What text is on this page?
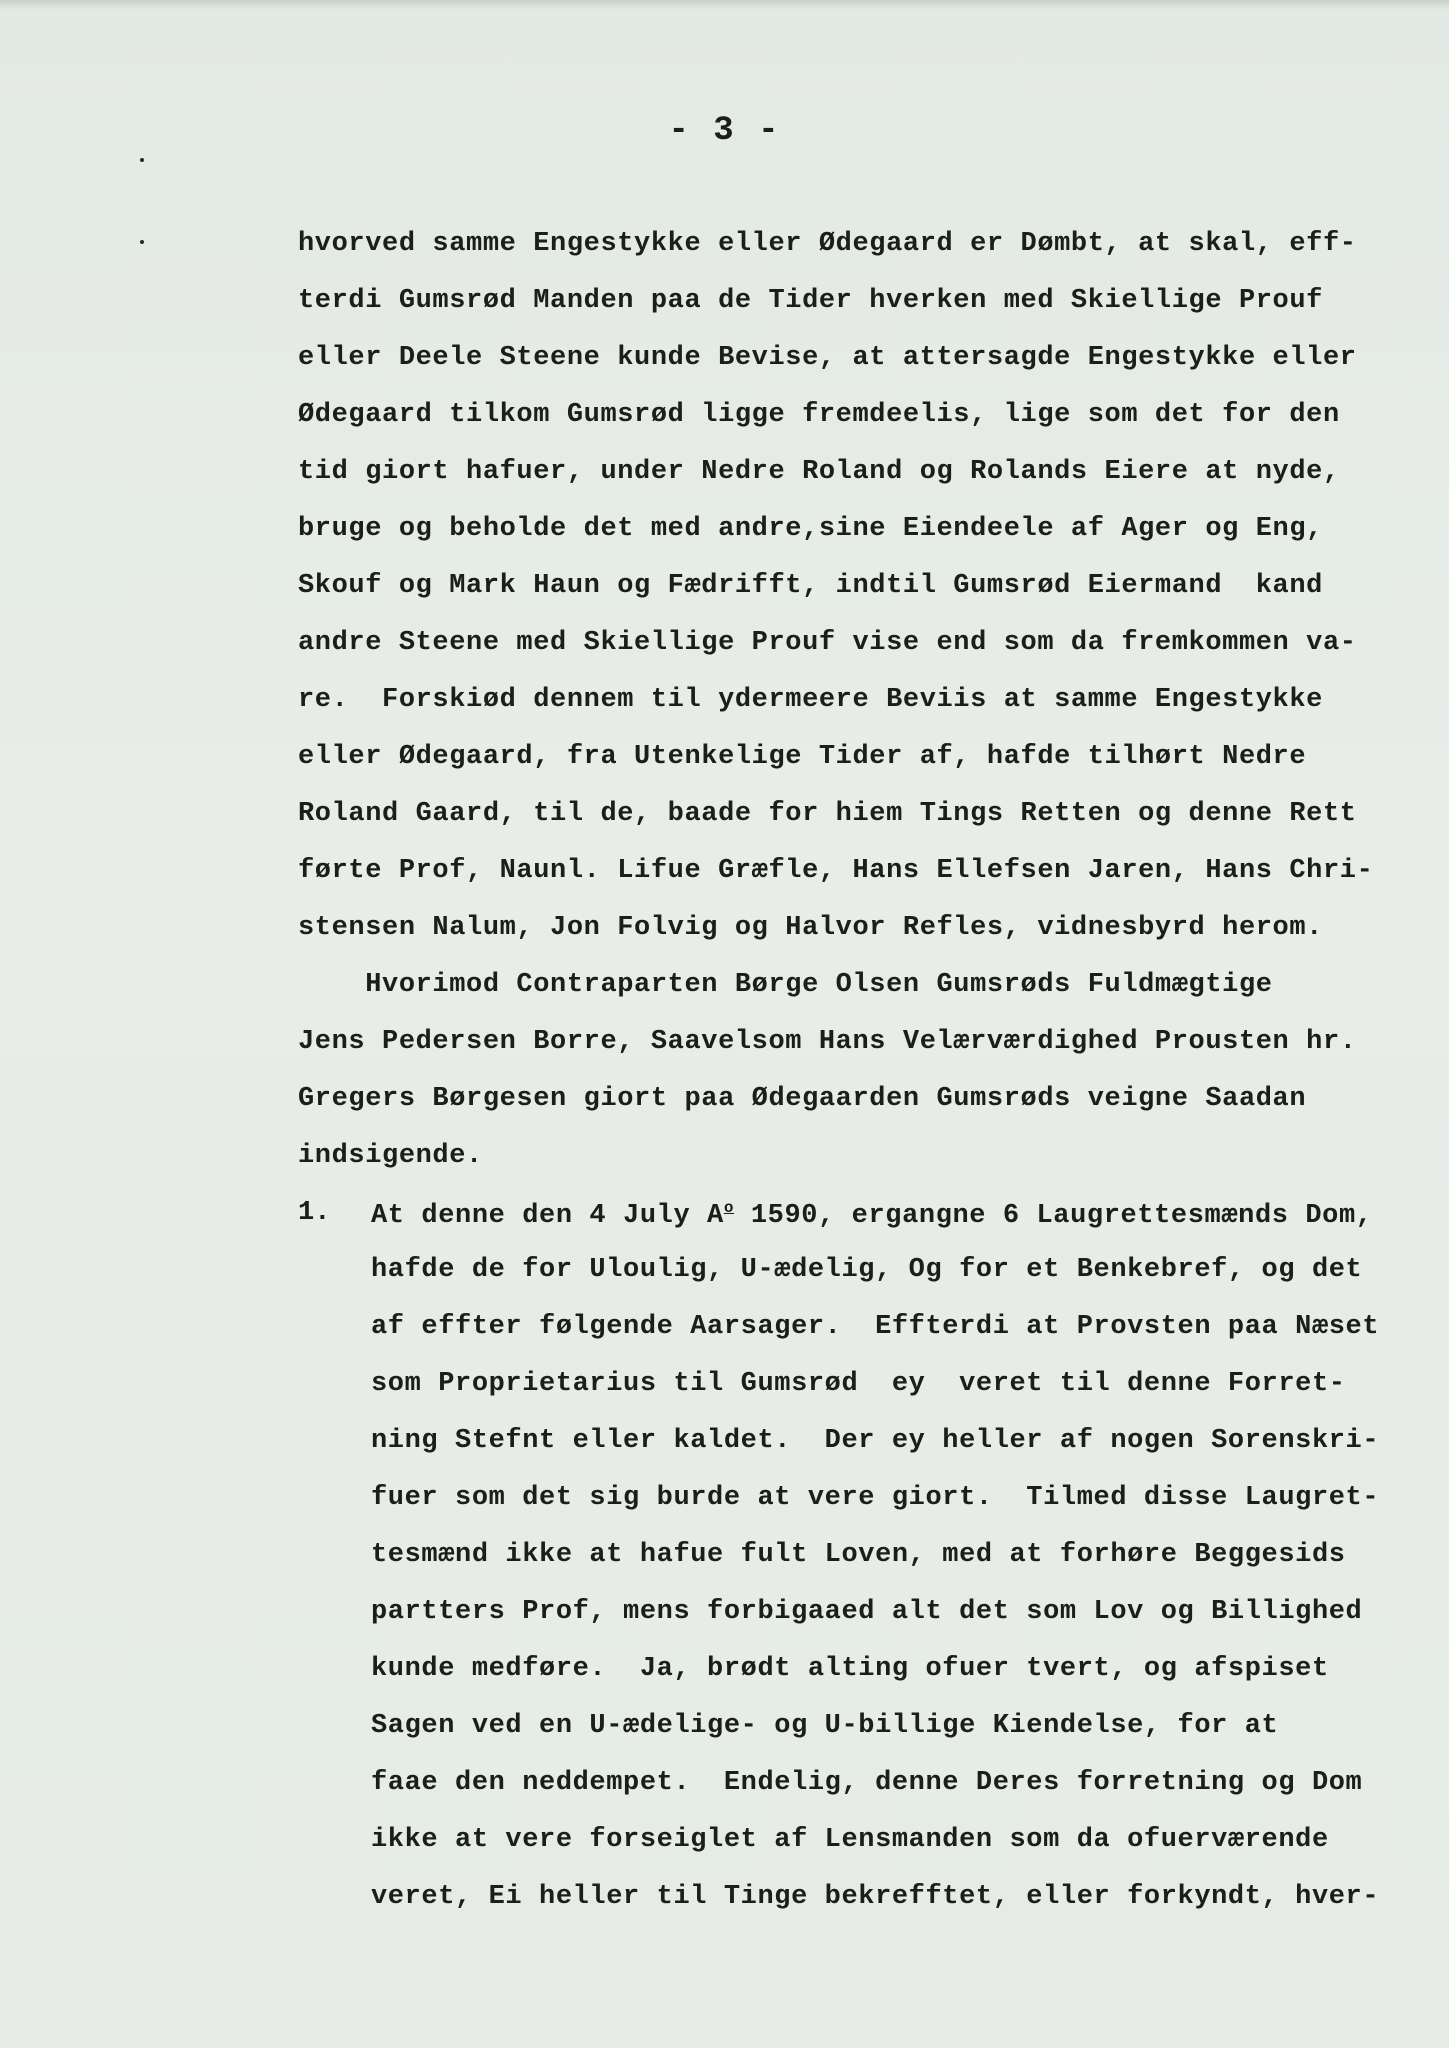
- 3 -
hvorved samme Engestykke eller Ødegaard er Dømbt, at skal, eff-
terdi Gumsrød Manden paa de Tider hverken med Skiellige Prouf
eller Deele Steene kunde Bevise, at attersagde Engestykke eller
Ødegaard tilkom Gumsrød ligge fremdeelis, lige som det for den
tid giort hafuer, under Nedre Roland og Rolands Eiere at nyde,
bruge og beholde det med andre,sine Eiendeele af Ager og Eng,
Skouf og Mark Haun og Fædrifft, indtil Gumsrød Eiermand  kand
andre Steene med Skiellige Prouf vise end som da fremkommen va-
re.  Forskiød dennem til ydermeere Beviis at samme Engestykke
eller Ødegaard, fra Utenkelige Tider af, hafde tilhørt Nedre
Roland Gaard, til de, baade for hiem Tings Retten og denne Rett
førte Prof, Naunl. Lifue Græfle, Hans Ellefsen Jaren, Hans Chri-
stensen Nalum, Jon Folvig og Halvor Refles, vidnesbyrd herom.
Hvorimod Contraparten Børge Olsen Gumsrøds Fuldmægtige
Jens Pedersen Borre, Saavelsom Hans Velærværdighed Prousten hr.
Gregers Børgesen giort paa Ødegaarden Gumsrøds veigne Saadan
indsigende.
1. At denne den 4 July $A^o$ 1590, ergangne 6 Laugrettesmænds Dom,
hafde de for Uloulig, U-ædelig, Og for et Benkebref, og det
af effter følgende Aarsager.  Effterdi at Provsten paa Næset
som Proprietarius til Gumsrød  ey  veret til denne Forret-
ning Stefnt eller kaldet.  Der ey heller af nogen Sorenskri-
fuer som det sig burde at vere giort.  Tilmed disse Laugret-
tesmænd ikke at hafue fult Loven, med at forhøre Beggesids
partters Prof, mens forbigaaed alt det som Lov og Billighed
kunde medføre.  Ja, brødt alting ofuer tvert, og afspiset
Sagen ved en U-ædelige- og U-billige Kiendelse, for at
faae den neddempet.  Endelig, denne Deres forretning og Dom
ikke at vere forseiglet af Lensmanden som da ofuerværende
veret, Ei heller til Tinge bekrefftet, eller forkyndt, hver-
